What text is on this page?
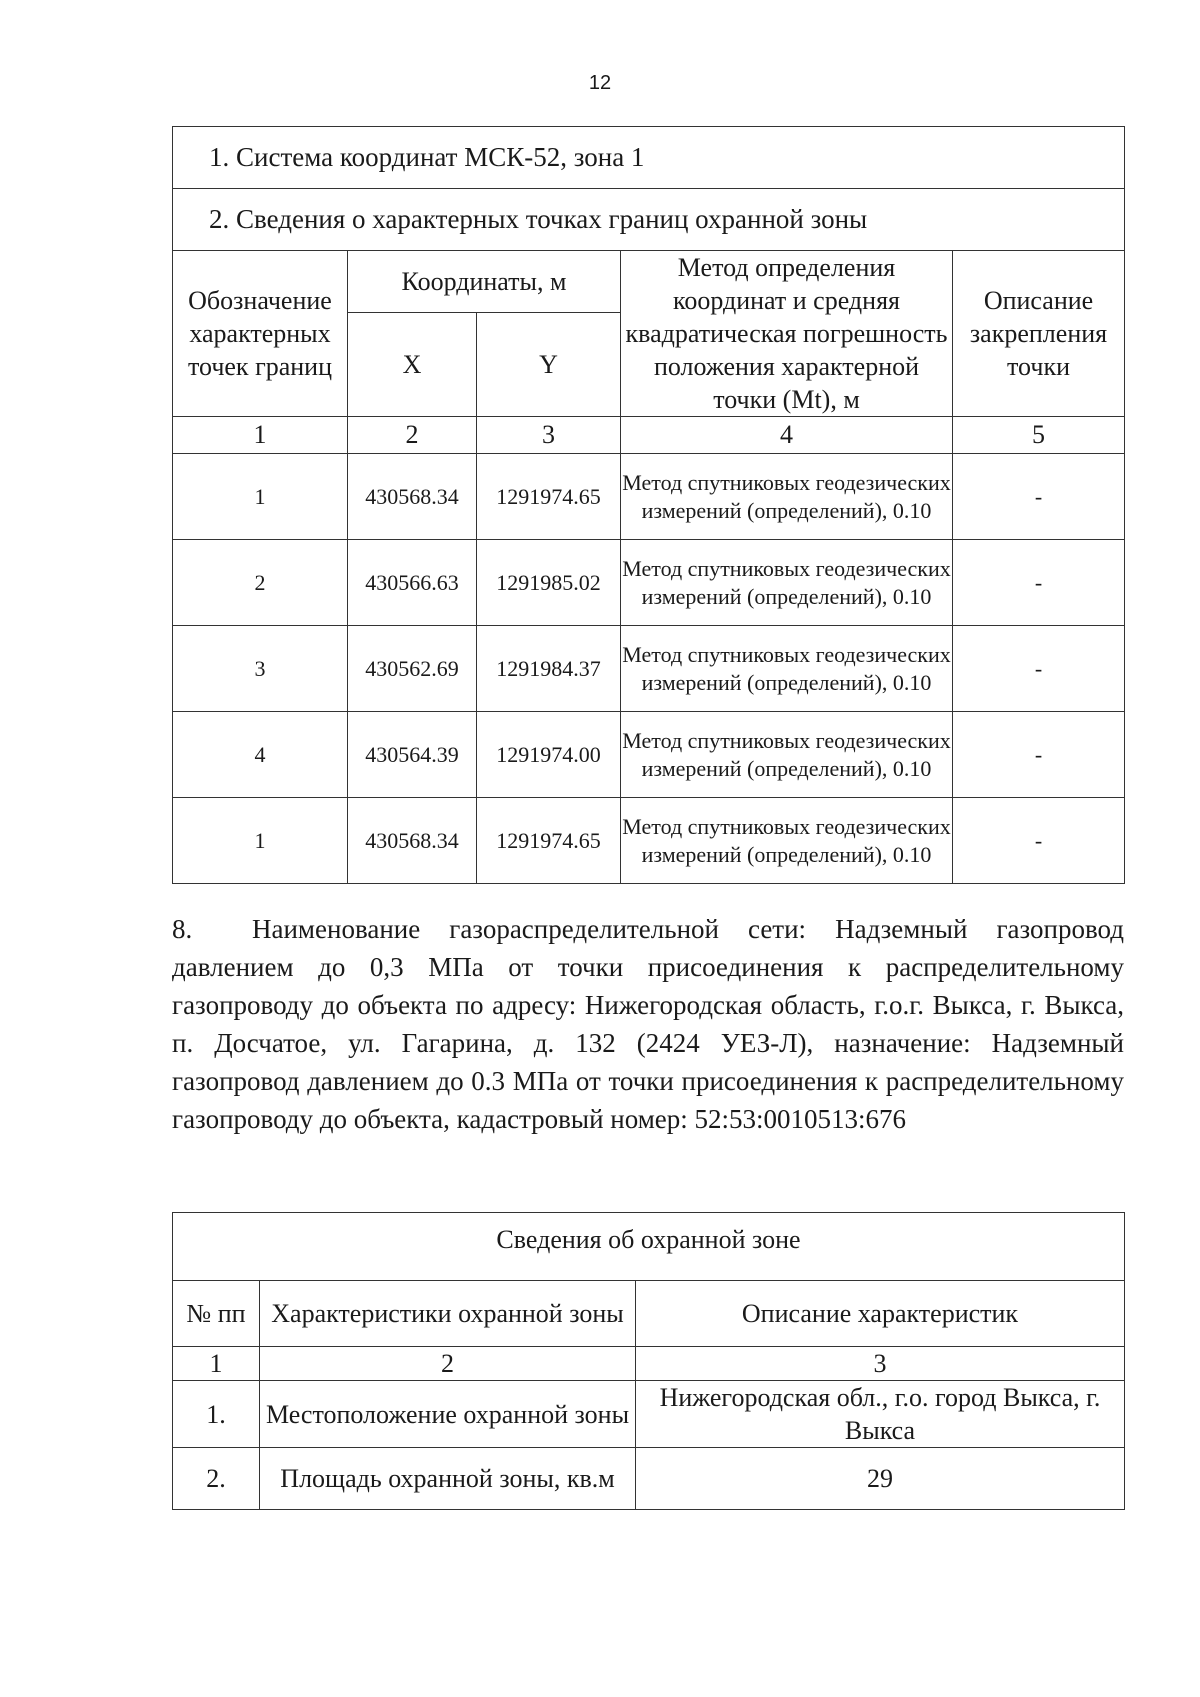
12
1. Система координат МСК-52, зона 1				
2. Сведения о характерных точках границ охранной зоны				
Обозначение характерных точек границ	Координаты, м		Метод определения координат и средняя квадратическая погрешность положения характерной точки (Mt), м	Описание закрепления точки
	X	Y		
1	2	3	4	5
1	430568.34	1291974.65	Метод спутниковых геодезических измерений (определений), 0.10	-
2	430566.63	1291985.02	Метод спутниковых геодезических измерений (определений), 0.10	-
3	430562.69	1291984.37	Метод спутниковых геодезических измерений (определений), 0.10	-
4	430564.39	1291974.00	Метод спутниковых геодезических измерений (определений), 0.10	-
1	430568.34	1291974.65	Метод спутниковых геодезических измерений (определений), 0.10	-

8. Наименование газораспределительной сети: Надземный газопровод давлением до 0,3 МПа от точки присоединения к распределительному газопроводу до объекта по адресу: Нижегородская область, г.о.г. Выкса, г. Выкса, п. Досчатое, ул. Гагарина, д. 132 (2424 УЕЗ-Л), назначение: Надземный газопровод давлением до 0.3 МПа от точки присоединения к распределительному газопроводу до объекта, кадастровый номер: 52:53:0010513:676

Сведения об охранной зоне		
№ пп	Характеристики охранной зоны	Описание характеристик
1	2	3
1.	Местоположение охранной зоны	Нижегородская обл., г.о. город Выкса, г. Выкса
2.	Площадь охранной зоны, кв.м	29
